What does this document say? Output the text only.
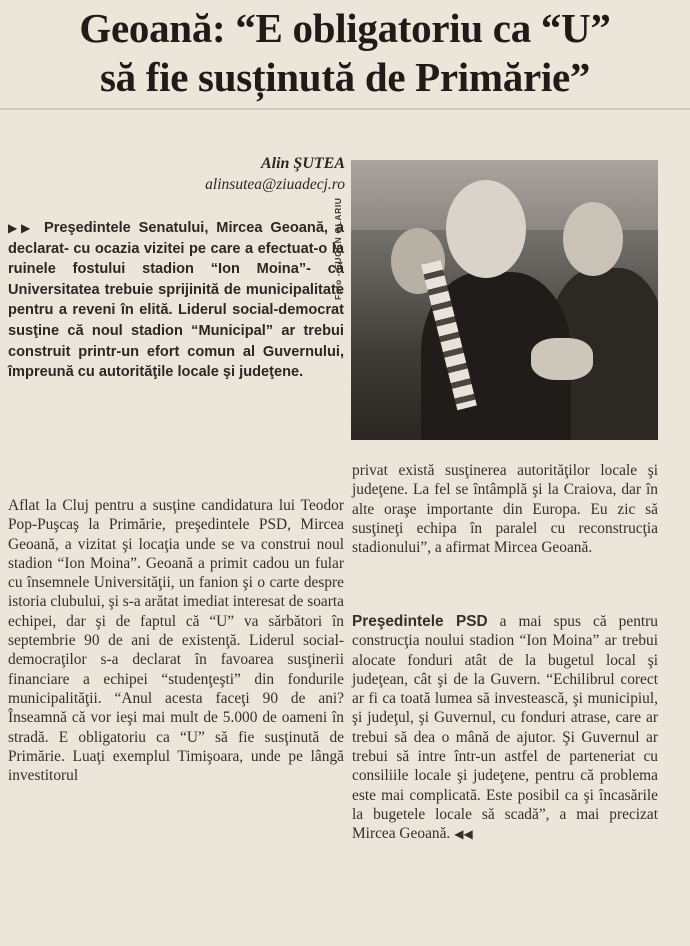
Geoană: “E obligatoriu ca “U”
să fie susținută de Primărie”
Alin ŞUTEA
alinsutea@ziuadecj.ro
▶▶ Preşedintele Senatului, Mircea Geoană, a declarat- cu ocazia vizitei pe care a efectuat-o la ruinele fostului stadion “Ion Moina”- că Universitatea trebuie sprijinită de municipalitate pentru a reveni în elită. Liderul social-democrat susţine că noul stadion “Municipal” ar trebui construit printr-un efort comun al Guvernului, împreună cu autorităţile locale şi judeţene.
Aflat la Cluj pentru a susţine candidatura lui Teodor Pop-Puşcaş la Primărie, preşedintele PSD, Mircea Geoană, a vizitat şi locaţia unde se va construi noul stadion “Ion Moina”. Geoană a primit cadou un fular cu însemnele Universităţii, un fanion şi o carte despre istoria clubului, şi s-a arătat imediat interesat de soarta echipei, dar şi de faptul că “U” va sărbători în septembrie 90 de ani de existenţă. Liderul social-democraţilor s-a declarat în favoarea susţinerii financiare a echipei “studenţeşti” din fondurile municipalităţii. “Anul acesta faceţi 90 de ani? Înseamnă că vor ieşi mai mult de 5.000 de oameni în stradă. E obligatoriu ca “U” să fie susţinută de Primărie. Luaţi exemplul Timişoara, unde pe lângă investitorul
Foto - EUGEN OLARIU
privat există susţinerea autorităţilor locale şi judeţene. La fel se întâmplă şi la Craiova, dar în alte oraşe importante din Europa. Eu zic să susţineţi echipa în paralel cu reconstrucţia stadionului”, a afirmat Mircea Geoană.
Preşedintele PSD a mai spus că pentru construcţia noului stadion “Ion Moina” ar trebui alocate fonduri atât de la bugetul local şi judeţean, cât şi de la Guvern. “Echilibrul corect ar fi ca toată lumea să investească, şi municipiul, şi judeţul, şi Guvernul, cu fonduri atrase, care ar trebui să dea o mână de ajutor. Şi Guvernul ar trebui să intre într-un astfel de parteneriat cu consiliile locale şi judeţene, pentru că problema este mai complicată. Este posibil ca şi încasările la bugetele locale să scadă”, a mai precizat Mircea Geoană. ◀◀
